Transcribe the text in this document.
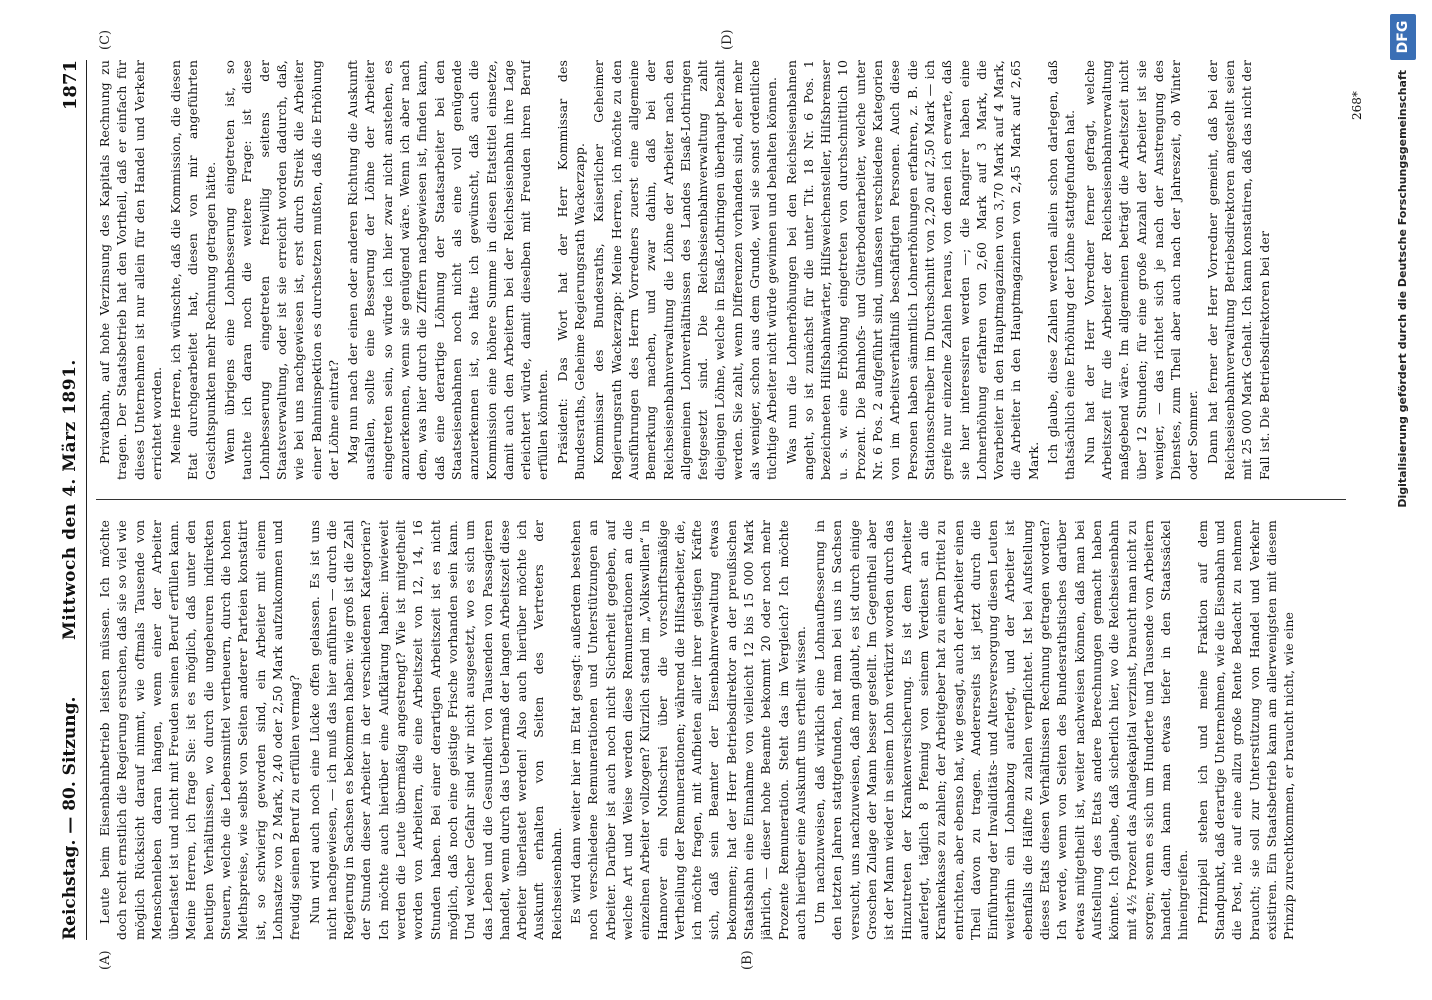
Reichstag. — 80. Sitzung.
Mittwoch den 4. März 1891.
1871
(A)	(B)
(C)	(D)

Leute beim Eisenbahnbetrieb leisten müssen. Ich möchte doch recht ernstlich die Regierung ersuchen, daß sie so viel wie möglich Rücksicht darauf nimmt, wie oftmals Tausende von Menschenleben daran hängen, wenn einer der Arbeiter überlastet ist und nicht mit Freuden seinen Beruf erfüllen kann. Meine Herren, ich frage Sie: ist es möglich, daß unter den heutigen Verhältnissen, wo durch die ungeheuren indirekten Steuern, welche die Lebensmittel vertheuern, durch die hohen Miethspreise, wie selbst von Seiten anderer Parteien konstatirt ist, so schwierig geworden sind, ein Arbeiter mit einem Lohnsatze von 2 Mark, 2,40 oder 2,50 Mark aufzukommen und freudig seinen Beruf zu erfüllen vermag? Nun wird auch noch eine Lücke offen gelassen. Es ist uns nicht nachgewiesen, — ich muß das hier anführen — durch die Regierung in Sachsen es bekommen haben: wie groß ist die Zahl der Stunden dieser Arbeiter in der verschiedenen Kategorien? Ich möchte auch hierüber eine Aufklärung haben: inwieweit werden die Leute übermäßig angestrengt? Wie ist mitgetheilt worden von Arbeitern, die eine Arbeitszeit von 12, 14, 16 Stunden haben. Bei einer derartigen Arbeitszeit ist es nicht möglich, daß noch eine geistige Frische vorhanden sein kann. Und welcher Gefahr sind wir nicht ausgesetzt, wo es sich um das Leben und die Gesundheit von Tausenden von Passagieren handelt, wenn durch das Uebermaß der langen Arbeitszeit diese Arbeiter überlastet werden! Also auch hierüber möchte ich Auskunft erhalten von Seiten des Vertreters der Reichseisenbahn. Es wird dann weiter hier im Etat gesagt: außerdem bestehen noch verschiedene Remunerationen und Unterstützungen an Arbeiter. Darüber ist auch noch nicht Sicherheit gegeben, auf welche Art und Weise werden diese Remunerationen an die einzelnen Arbeiter vollzogen? Kürzlich stand im „Volkswillen“ in Hannover ein Nothschrei über die vorschriftsmäßige Vertheilung der Remunerationen; während die Hilfsarbeiter, die, ich möchte fragen, mit Aufbieten aller ihrer geistigen Kräfte sich, daß sein Beamter der Eisenbahnverwaltung etwas bekommen; hat der Herr Betriebsdirektor an der preußischen Staatsbahn eine Einnahme von vielleicht 12 bis 15 000 Mark jährlich, — dieser hohe Beamte bekommt 20 oder noch mehr Prozente Remuneration. Steht das im Vergleich? Ich möchte auch hierüber eine Auskunft uns ertheilt wissen. Um nachzuweisen, daß wirklich eine Lohnaufbesserung in den letzten Jahren stattgefunden, hat man bei uns in Sachsen versucht, uns nachzuweisen, daß man glaubt, es ist durch einige Groschen Zulage der Mann besser gestellt. Im Gegentheil aber ist der Mann wieder in seinem Lohn verkürzt worden durch das Hinzutreten der Krankenversicherung. Es ist dem Arbeiter auferlegt, täglich 8 Pfennig von seinem Verdienst an die Krankenkasse zu zahlen; der Arbeitgeber hat zu einem Drittel zu entrichten, aber ebenso hat, wie gesagt, auch der Arbeiter einen Theil davon zu tragen. Andererseits ist jetzt durch die Einführung der Invaliditäts- und Altersversorgung diesen Leuten weiterhin ein Lohnabzug auferlegt, und der Arbeiter ist ebenfalls die Hälfte zu zahlen verpflichtet. Ist bei Aufstellung dieses Etats diesen Verhältnissen Rechnung getragen worden? Ich werde, wenn von Seiten des Bundesrathstisches darüber etwas mitgetheilt ist, weiter nachweisen können, daß man bei Aufstellung des Etats andere Berechnungen gemacht haben könnte. Ich glaube, daß sicherlich hier, wo die Reichseisenbahn mit 4½ Prozent das Anlagekapital verzinst, braucht man nicht zu sorgen; wenn es sich um Hunderte und Tausende von Arbeitern handelt, dann kann man etwas tiefer in den Staatssäckel hineingreifen. Prinzipiell stehen ich und meine Fraktion auf dem Standpunkt, daß derartige Unternehmen, wie die Eisenbahn und die Post, nie auf eine allzu große Rente Bedacht zu nehmen braucht; sie soll zur Unterstützung von Handel und Verkehr existiren. Ein Staatsbetrieb kann am allerwenigsten mit diesem Prinzip zurechtkommen, er braucht nicht, wie eine

Privatbahn, auf hohe Verzinsung des Kapitals Rechnung zu tragen. Der Staatsbetrieb hat den Vortheil, daß er einfach für dieses Unternehmen ist nur allein für den Handel und Verkehr errichtet worden. Meine Herren, ich wünschte, daß die Kommission, die diesen Etat durchgearbeitet hat, diesen von mir angeführten Gesichtspunkten mehr Rechnung getragen hätte. Wenn übrigens eine Lohnbesserung eingetreten ist, so tauchte ich daran noch die weitere Frage: ist diese Lohnbesserung eingetreten freiwillig seitens der Staatsverwaltung, oder ist sie erreicht worden dadurch, daß, wie bei uns nachgewiesen ist, erst durch Streik die Arbeiter einer Bahninspektion es durchsetzen mußten, daß die Erhöhung der Löhne eintrat? Mag nun nach der einen oder anderen Richtung die Auskunft ausfallen, sollte eine Besserung der Löhne der Arbeiter eingetreten sein, so würde ich hier zwar nicht anstehen, es anzuerkennen, wenn sie genügend wäre. Wenn ich aber nach dem, was hier durch die Ziffern nachgewiesen ist, finden kann, daß eine derartige Löhnung der Staatsarbeiter bei den Staatseisenbahnen noch nicht als eine voll genügende anzuerkennen ist, so hätte ich gewünscht, daß auch die Kommission eine höhere Summe in diesen Etatstitel einsetze, damit auch den Arbeitern bei der Reichseisenbahn ihre Lage erleichtert würde, damit dieselben mit Freuden ihren Beruf erfüllen könnten. Präsident: Das Wort hat der Herr Kommissar des Bundesraths, Geheime Regierungsrath Wackerzapp. Kommissar des Bundesraths, Kaiserlicher Geheimer Regierungsrath Wackerzapp: Meine Herren, ich möchte zu den Ausführungen des Herrn Vorredners zuerst eine allgemeine Bemerkung machen, und zwar dahin, daß bei der Reichseisenbahnverwaltung die Löhne der Arbeiter nach den allgemeinen Lohnverhältnissen des Landes Elsaß-Lothringen festgesetzt sind. Die Reichseisenbahnverwaltung zahlt diejenigen Löhne, welche in Elsaß-Lothringen überhaupt bezahlt werden. Sie zahlt, wenn Differenzen vorhanden sind, eher mehr als weniger, schon aus dem Grunde, weil sie sonst ordentliche tüchtige Arbeiter nicht würde gewinnen und behalten können. Was nun die Lohnerhöhungen bei den Reichseisenbahnen angeht, so ist zunächst für die unter Tit. 18 Nr. 6 Pos. 1 bezeichneten Hilfsbahnwärter, Hilfsweichensteller, Hilfsbremser u. s. w. eine Erhöhung eingetreten von durchschnittlich 10 Prozent. Die Bahnhofs- und Güterbodenarbeiter, welche unter Nr. 6 Pos. 2 aufgeführt sind, umfassen verschiedene Kategorien von im Arbeitsverhältniß beschäftigten Personen. Auch diese Personen haben sämmtlich Lohnerhöhungen erfahren, z. B. die Stationsschreiber im Durchschnitt von 2,20 auf 2,50 Mark — ich greife nur einzelne Zahlen heraus, von denen ich erwarte, daß sie hier interessiren werden —; die Rangirer haben eine Lohnerhöhung erfahren von 2,60 Mark auf 3 Mark, die Vorarbeiter in den Hauptmagazinen von 3,70 Mark auf 4 Mark, die Arbeiter in den Hauptmagazinen von 2,45 Mark auf 2,65 Mark. Ich glaube, diese Zahlen werden allein schon darlegen, daß thatsächlich eine Erhöhung der Löhne stattgefunden hat. Nun hat der Herr Vorredner ferner gefragt, welche Arbeitszeit für die Arbeiter der Reichseisenbahnverwaltung maßgebend wäre. Im allgemeinen beträgt die Arbeitszeit nicht über 12 Stunden; für eine große Anzahl der Arbeiter ist sie weniger, — das richtet sich je nach der Anstrengung des Dienstes, zum Theil aber auch nach der Jahreszeit, ob Winter oder Sommer. Dann hat ferner der Herr Vorredner gemeint, daß bei der Reichseisenbahnverwaltung Betriebsdirektoren angestellt seien mit 25 000 Mark Gehalt. Ich kann konstatiren, daß das nicht der Fall ist. Die Betriebsdirektoren bei der

268*	Digitalisierung gefördert durch die Deutsche Forschungsgemeinschaft
DFG
